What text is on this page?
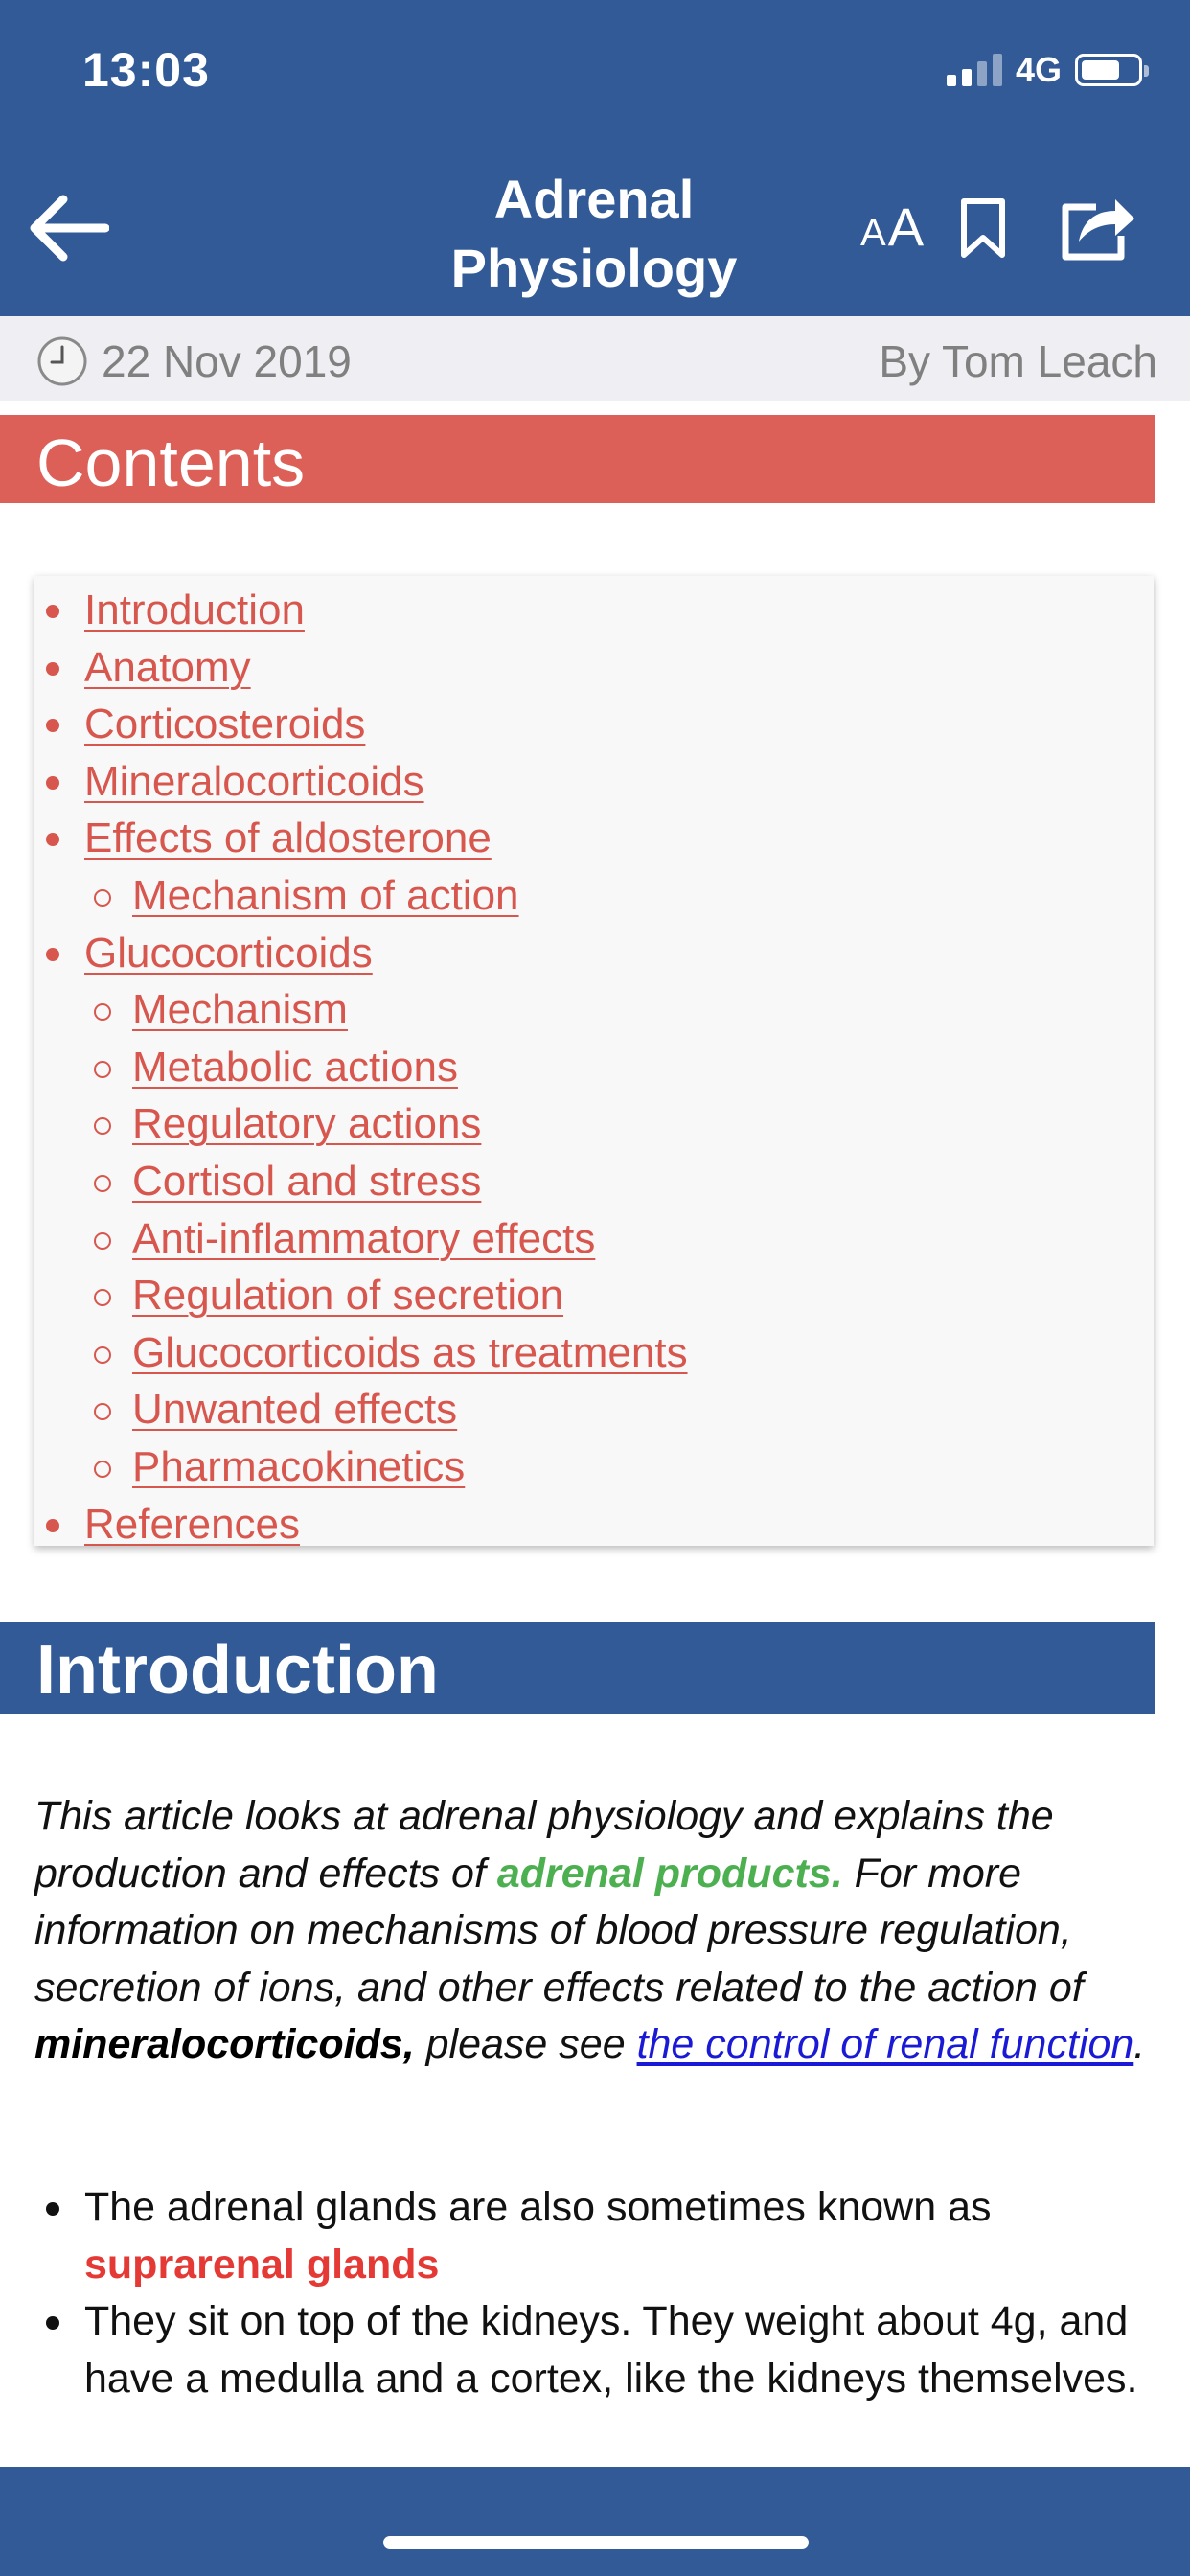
13:03	4G
Adrenal
Physiology
AA
22 Nov 2019	By Tom Leach
Contents
Introduction
Anatomy
Corticosteroids
Mineralocorticoids
Effects of aldosterone
Mechanism of action
Glucocorticoids
Mechanism
Metabolic actions
Regulatory actions
Cortisol and stress
Anti-inflammatory effects
Regulation of secretion
Glucocorticoids as treatments
Unwanted effects
Pharmacokinetics
References
Introduction

This article looks at adrenal physiology and explains the production and effects of adrenal products. For more information on mechanisms of blood pressure regulation, secretion of ions, and other effects related to the action of mineralocorticoids, please see the control of renal function.

The adrenal glands are also sometimes known as suprarenal glands
They sit on top of the kidneys. They weight about 4g, and have a medulla and a cortex, like the kidneys themselves.
